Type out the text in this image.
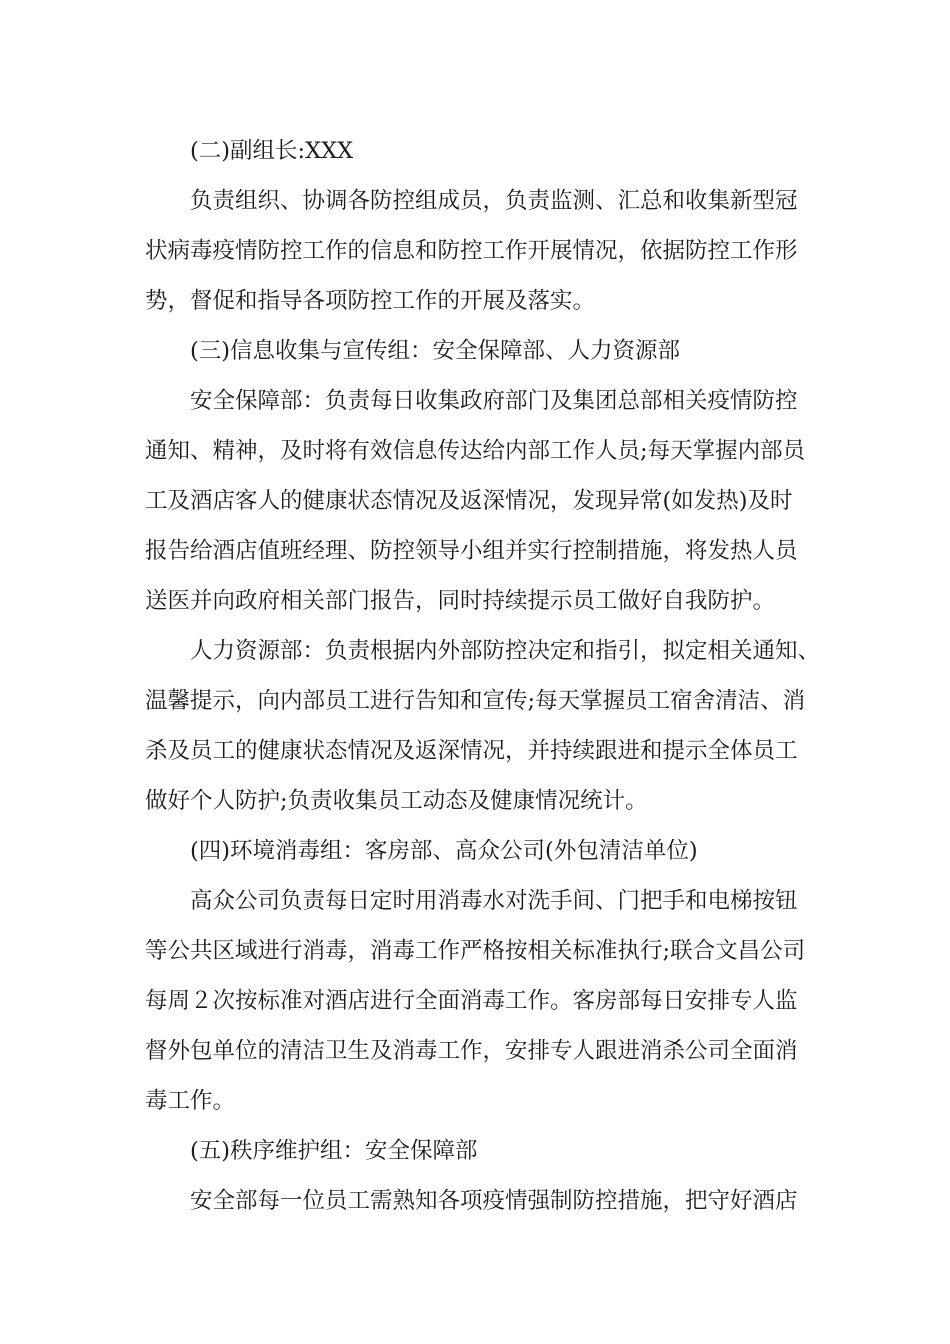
(二)副组长:XXX
负责组织、协调各防控组成员，负责监测、汇总和收集新型冠
状病毒疫情防控工作的信息和防控工作开展情况，依据防控工作形
势，督促和指导各项防控工作的开展及落实。
(三)信息收集与宣传组：安全保障部、人力资源部
安全保障部：负责每日收集政府部门及集团总部相关疫情防控
通知、精神，及时将有效信息传达给内部工作人员;每天掌握内部员
工及酒店客人的健康状态情况及返深情况，发现异常(如发热)及时
报告给酒店值班经理、防控领导小组并实行控制措施，将发热人员
送医并向政府相关部门报告，同时持续提示员工做好自我防护。
人力资源部：负责根据内外部防控决定和指引，拟定相关通知、
温馨提示，向内部员工进行告知和宣传;每天掌握员工宿舍清洁、消
杀及员工的健康状态情况及返深情况，并持续跟进和提示全体员工
做好个人防护;负责收集员工动态及健康情况统计。
(四)环境消毒组：客房部、高众公司(外包清洁单位)
高众公司负责每日定时用消毒水对洗手间、门把手和电梯按钮
等公共区域进行消毒，消毒工作严格按相关标准执行;联合文昌公司
每周２次按标准对酒店进行全面消毒工作。客房部每日安排专人监
督外包单位的清洁卫生及消毒工作，安排专人跟进消杀公司全面消
毒工作。
(五)秩序维护组：安全保障部
安全部每一位员工需熟知各项疫情强制防控措施，把守好酒店
